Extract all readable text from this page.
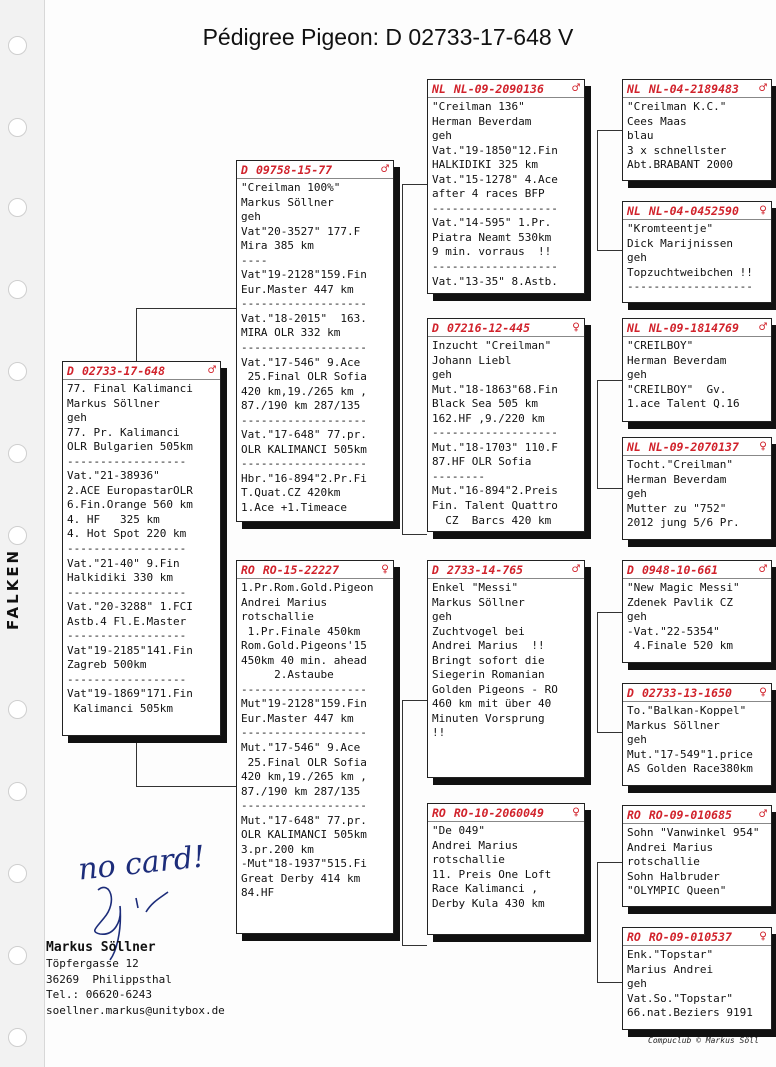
FALKEN
Pédigree Pigeon: D 02733-17-648 V
D 02733-17-648	♂
77. Final Kalimanci
Markus Söllner
geh
77. Pr. Kalimanci
OLR Bulgarien 505km
------------------
Vat."21-38936"
2.ACE EuropastarOLR
6.Fin.Orange 560 km
4. HF   325 km
4. Hot Spot 220 km
------------------
Vat."21-40" 9.Fin
Halkidiki 330 km
------------------
Vat."20-3288" 1.FCI
Astb.4 Fl.E.Master
------------------
Vat"19-2185"141.Fin
Zagreb 500km
------------------
Vat"19-1869"171.Fin
Kalimanci 505km
D 09758-15-77	♂
"Creilman 100%"
Markus Söllner
geh
Vat"20-3527" 177.F
Mira 385 km
----
Vat"19-2128"159.Fin
Eur.Master 447 km
-------------------
Vat."18-2015"  163.
MIRA OLR 332 km
-------------------
Vat."17-546" 9.Ace
25.Final OLR Sofia
420 km,19./265 km ,
87./190 km 287/135
-------------------
Vat."17-648" 77.pr.
OLR KALIMANCI 505km
-------------------
Hbr."16-894"2.Pr.Fi
T.Quat.CZ 420km
1.Ace +1.Timeace
RO RO-15-22227	♀
1.Pr.Rom.Gold.Pigeon
Andrei Marius
rotschallie
1.Pr.Finale 450km
Rom.Gold.Pigeons'15
450km 40 min. ahead
2.Astaube
-------------------
Mut"19-2128"159.Fin
Eur.Master 447 km
-------------------
Mut."17-546" 9.Ace
25.Final OLR Sofia
420 km,19./265 km ,
87./190 km 287/135
-------------------
Mut."17-648" 77.pr.
OLR KALIMANCI 505km
3.pr.200 km
-Mut"18-1937"515.Fi
Great Derby 414 km
84.HF
NL NL-09-2090136 ♂
"Creilman 136"
Herman Beverdam
geh
Vat."19-1850"12.Fin
HALKIDIKI 325 km
Vat."15-1278" 4.Ace
after 4 races BFP
-------------------
Vat."14-595" 1.Pr.
Piatra Neamt 530km
9 min. vorraus  !!
-------------------
Vat."13-35" 8.Astb.
D 07216-12-445	♀
Inzucht "Creilman"
Johann Liebl
geh
Mut."18-1863"68.Fin
Black Sea 505 km
162.HF ,9./220 km
-------------------
Mut."18-1703" 110.F
87.HF OLR Sofia
--------
Mut."16-894"2.Preis
Fin. Talent Quattro
CZ  Barcs 420 km
D 2733-14-765	♂
Enkel "Messi"
Markus Söllner
geh
Zuchtvogel bei
Andrei Marius  !!
Bringt sofort die
Siegerin Romanian
Golden Pigeons - RO
460 km mit über 40
Minuten Vorsprung
!!
RO RO-10-2060049 ♀
"De 049"
Andrei Marius
rotschallie
11. Preis One Loft
Race Kalimanci ,
Derby Kula 430 km
NL NL-04-2189483 ♂
"Creilman K.C."
Cees Maas
blau
3 x schnellster
Abt.BRABANT 2000
NL NL-04-0452590 ♀
"Kromteentje"
Dick Marijnissen
geh
Topzuchtweibchen !!
-------------------
NL NL-09-1814769 ♂
"CREILBOY"
Herman Beverdam
geh
"CREILBOY"  Gv.
1.ace Talent Q.16
NL NL-09-2070137 ♀
Tocht."Creilman"
Herman Beverdam
geh
Mutter zu "752"
2012 jung 5/6 Pr.
D 0948-10-661	♂
"New Magic Messi"
Zdenek Pavlik CZ
geh
-Vat."22-5354"
4.Finale 520 km
D 02733-13-1650 ♀
To."Balkan-Koppel"
Markus Söllner
geh
Mut."17-549"1.price
AS Golden Race380km
RO RO-09-010685 ♂
Sohn "Vanwinkel 954"
Andrei Marius
rotschallie
Sohn Halbruder
"OLYMPIC Queen"
RO RO-09-010537 ♀
Enk."Topstar"
Marius Andrei
geh
Vat.So."Topstar"
66.nat.Beziers 9191
no card!
Markus Söllner
Töpfergasse 12
36269  Philippsthal
Tel.: 06620-6243
soellner.markus@unitybox.de
Compuclub © Markus Söll
